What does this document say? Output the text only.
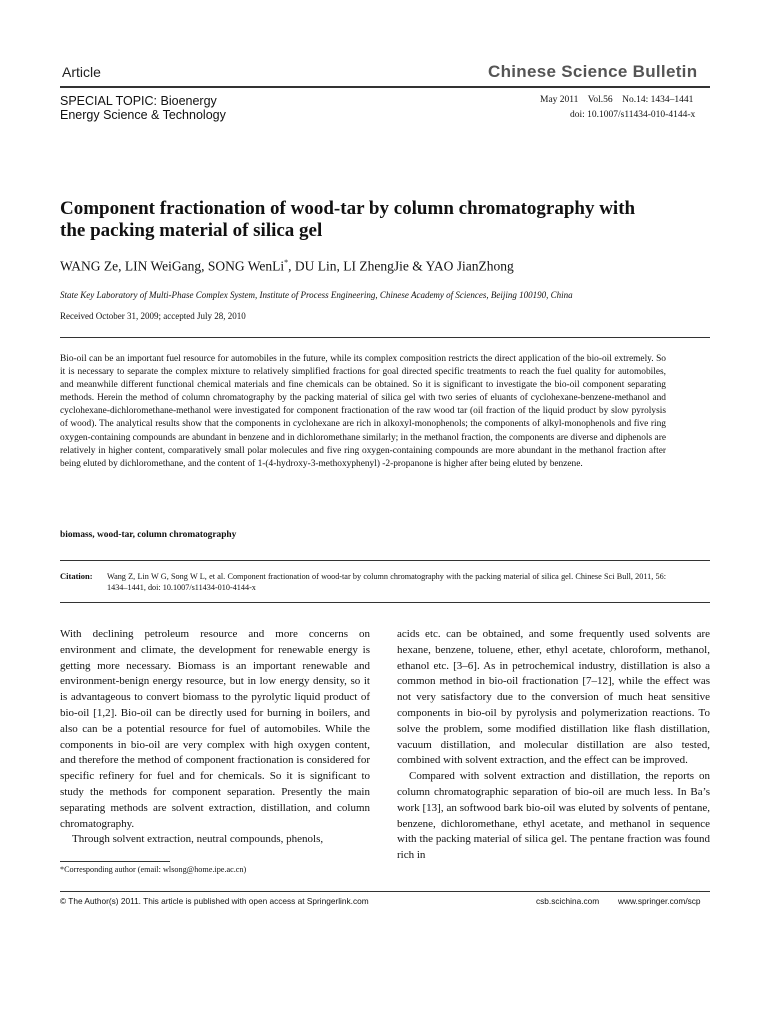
Article	Chinese Science Bulletin
SPECIAL TOPIC: Bioenergy
Energy Science & Technology
May 2011    Vol.56    No.14: 1434–1441
doi: 10.1007/s11434-010-4144-x
Component fractionation of wood-tar by column chromatography with the packing material of silica gel
WANG Ze, LIN WeiGang, SONG WenLi*, DU Lin, LI ZhengJie & YAO JianZhong
State Key Laboratory of Multi-Phase Complex System, Institute of Process Engineering, Chinese Academy of Sciences, Beijing 100190, China
Received October 31, 2009; accepted July 28, 2010
Bio-oil can be an important fuel resource for automobiles in the future, while its complex composition restricts the direct application of the bio-oil extremely. So it is necessary to separate the complex mixture to relatively simplified fractions for goal directed specific treatments to reach the fuel quality for automobiles, and meanwhile different functional chemical materials and fine chemicals can be obtained. So it is significant to investigate the bio-oil component separating methods. Herein the method of column chromatography by the packing material of silica gel with two series of eluants of cyclohexane-benzene-methanol and cyclohexane-dichloromethane-methanol were investigated for component fractionation of the raw wood tar (oil fraction of the liquid product by slow pyrolysis of wood). The analytical results show that the components in cyclohexane are rich in alkoxyl-monophenols; the components of alkyl-monophenols and five ring oxygen-containing compounds are abundant in benzene and in dichloromethane similarly; in the methanol fraction, the components are diverse and diphenols are relatively in higher content, comparatively small polar molecules and five ring oxygen-containing compounds are more abundant in the methanol fraction after being eluted by dichloromethane, and the content of 1-(4-hydroxy-3-methoxyphenyl) -2-propanone is higher after being eluted by benzene.
biomass, wood-tar, column chromatography
Citation: Wang Z, Lin W G, Song W L, et al. Component fractionation of wood-tar by column chromatography with the packing material of silica gel. Chinese Sci Bull, 2011, 56: 1434–1441, doi: 10.1007/s11434-010-4144-x

With declining petroleum resource and more concerns on environment and climate, the development for renewable energy is getting more necessary. Biomass is an important renewable and environment-benign energy resource, but in low energy density, so it is advantageous to convert biomass to the pyrolytic liquid product of bio-oil [1,2]. Bio-oil can be directly used for burning in boilers, and also can be a potential resource for fuel of automobiles. While the components in bio-oil are very complex with high oxygen content, and therefore the method of component fractionation is considered for specific refinery for fuel and for chemicals. So it is significant to study the methods for component separation. Presently the main separating methods are solvent extraction, distillation, and column chromatography.

Through solvent extraction, neutral compounds, phenols,

*Corresponding author (email: wlsong@home.ipe.ac.cn)

acids etc. can be obtained, and some frequently used solvents are hexane, benzene, toluene, ether, ethyl acetate, chloroform, methanol, ethanol etc. [3–6]. As in petrochemical industry, distillation is also a common method in bio-oil fractionation [7–12], while the effect was not very satisfactory due to the conversion of much heat sensitive components in bio-oil by pyrolysis and polymerization reactions. To solve the problem, some modified distillation like flash distillation, vacuum distillation, and molecular distillation are also tested, combined with solvent extraction, and the effect can be improved.

Compared with solvent extraction and distillation, the reports on column chromatographic separation of bio-oil are much less. In Ba’s work [13], an softwood bark bio-oil was eluted by solvents of pentane, benzene, dichloromethane, ethyl acetate, and methanol in sequence with the packing material of silica gel. The pentane fraction was found rich in

© The Author(s) 2011. This article is published with open access at Springerlink.com	csb.scichina.com www.springer.com/scp
